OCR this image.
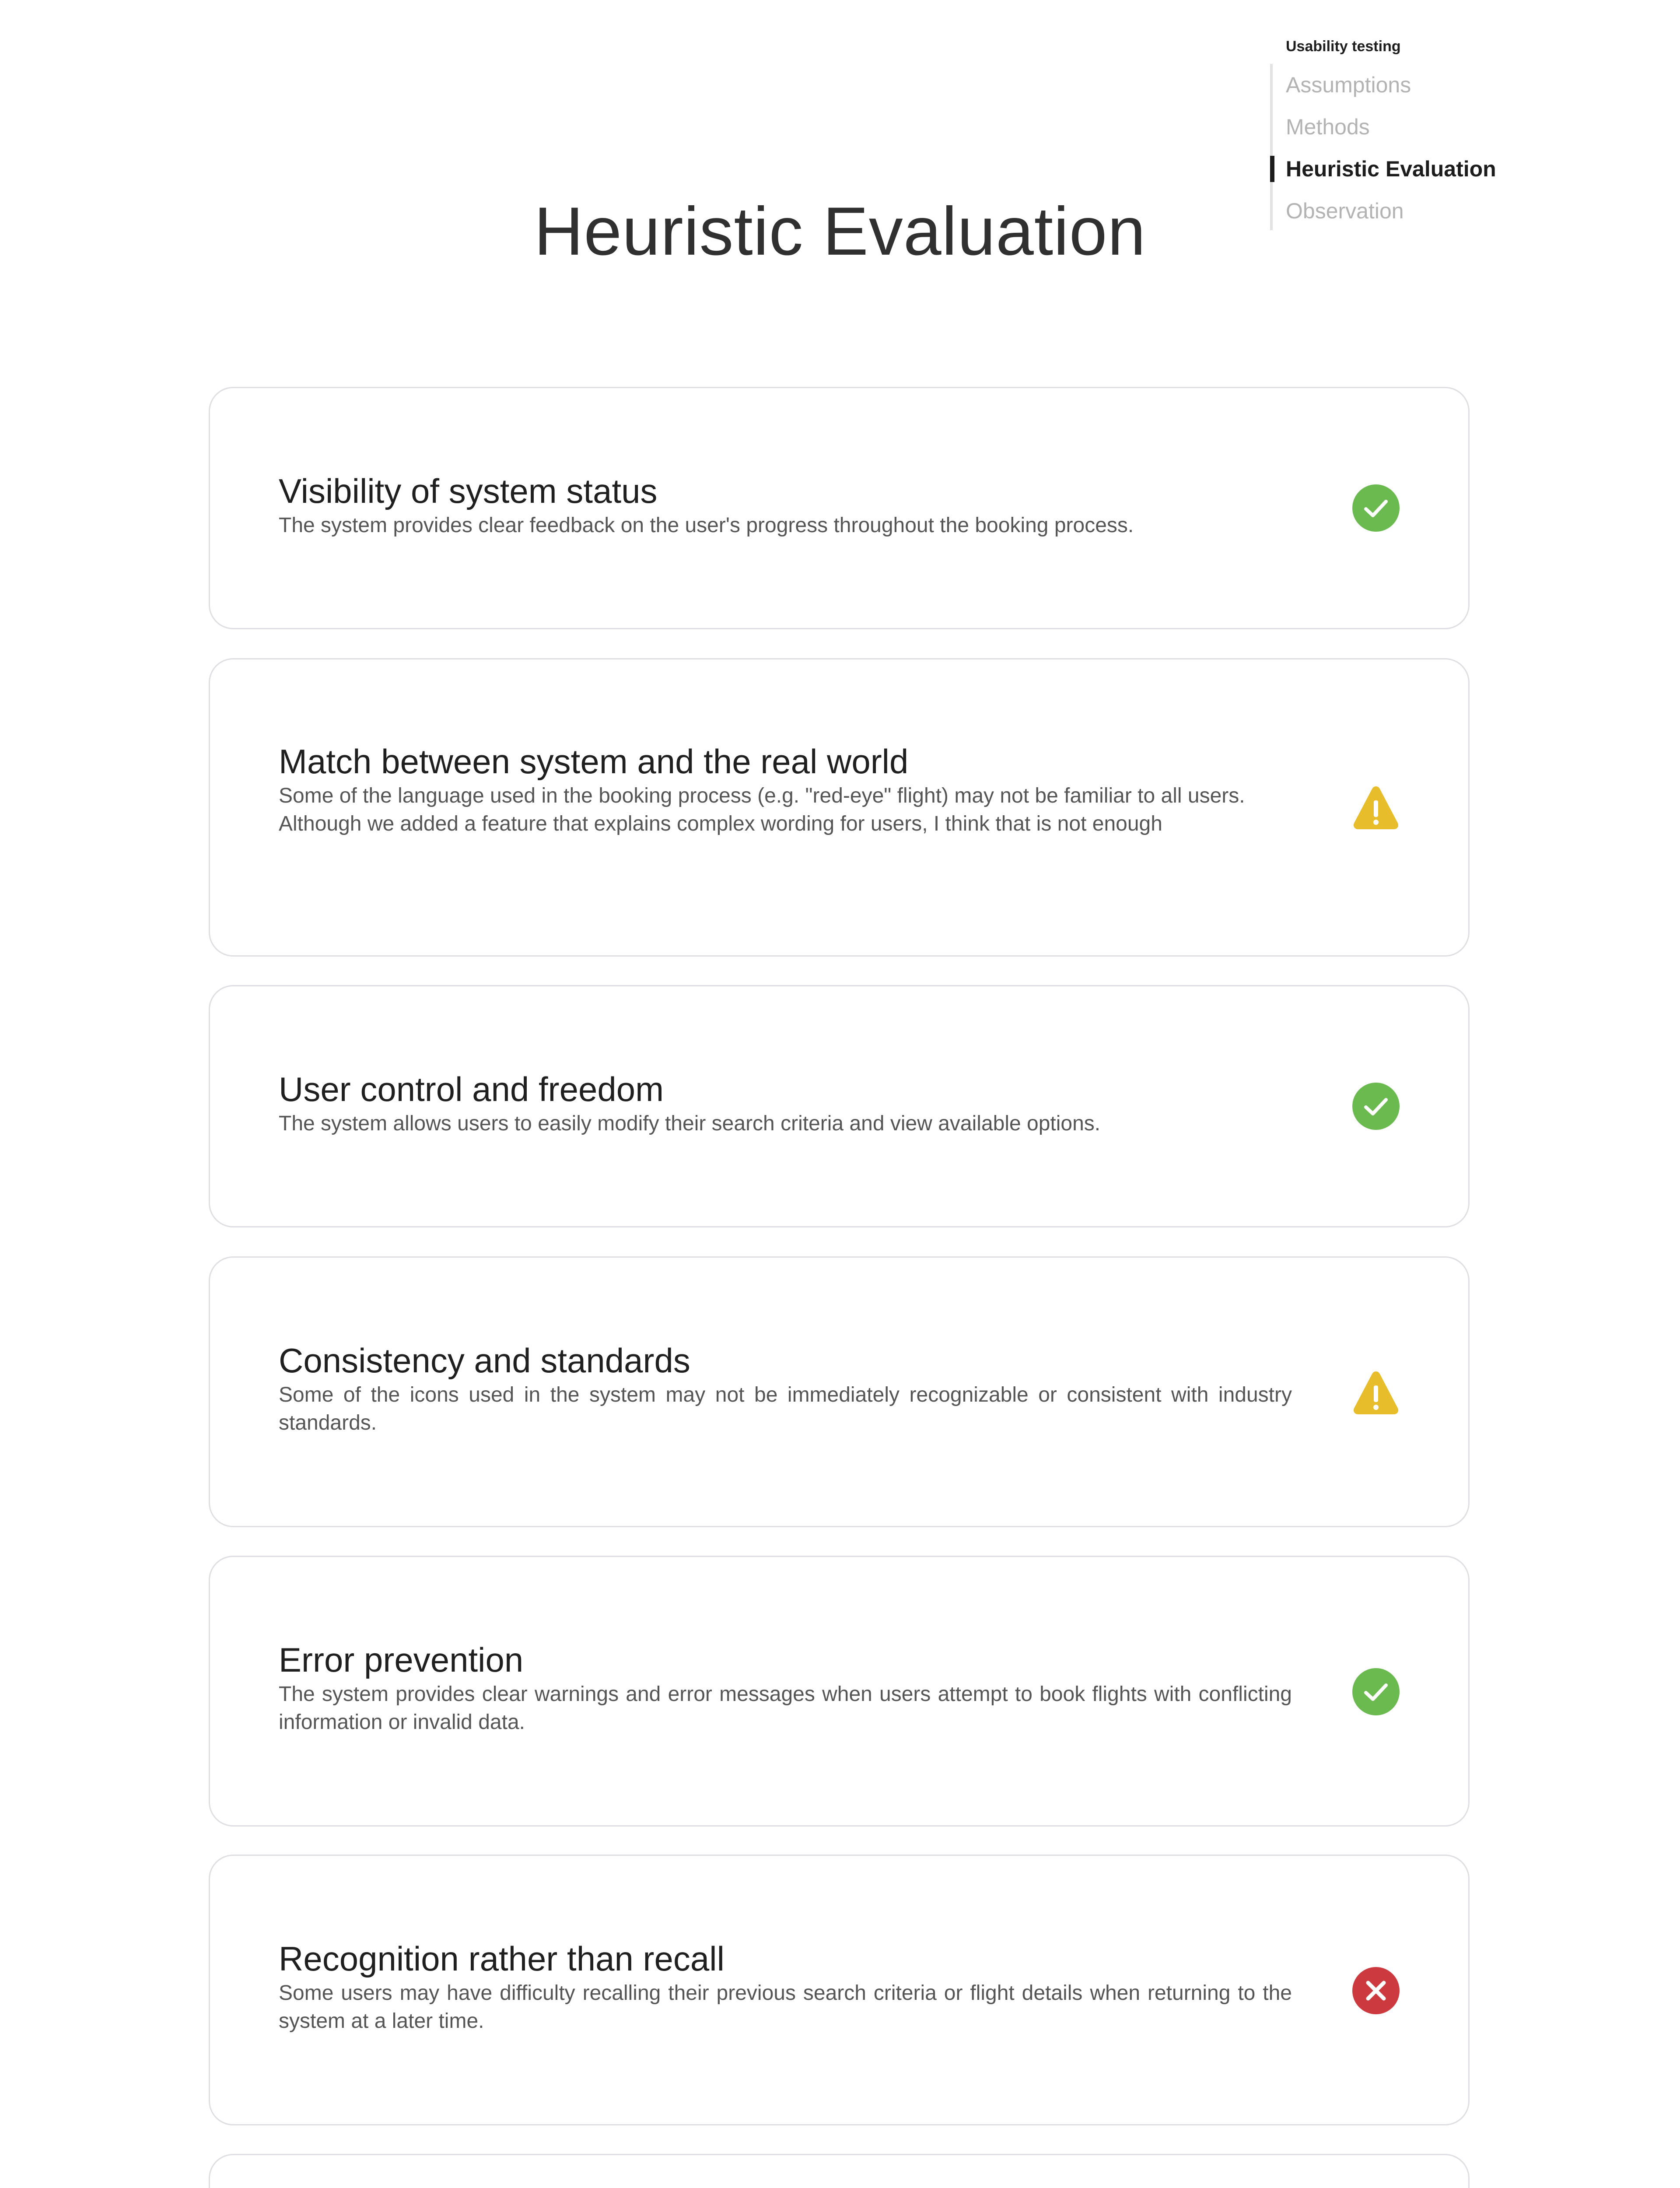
Usability testing
Assumptions
Methods
Heuristic Evaluation
Observation
Heuristic Evaluation
Visibility of system status

The system provides clear feedback on the user's progress throughout the booking process.

Match between system and the real world

Some of the language used in the booking process (e.g. "red-eye" flight) may not be familiar to all users.
Although we added a feature that explains complex wording for users, I think that is not enough

User control and freedom

The system allows users to easily modify their search criteria and view available options.

Consistency and standards

Some of the icons used in the system may not be immediately recognizable or consistent with industry standards.

Error prevention

The system provides clear warnings and error messages when users attempt to book flights with conflicting information or invalid data.

Recognition rather than recall

Some users may have difficulty recalling their previous search criteria or flight details when returning to the system at a later time.
